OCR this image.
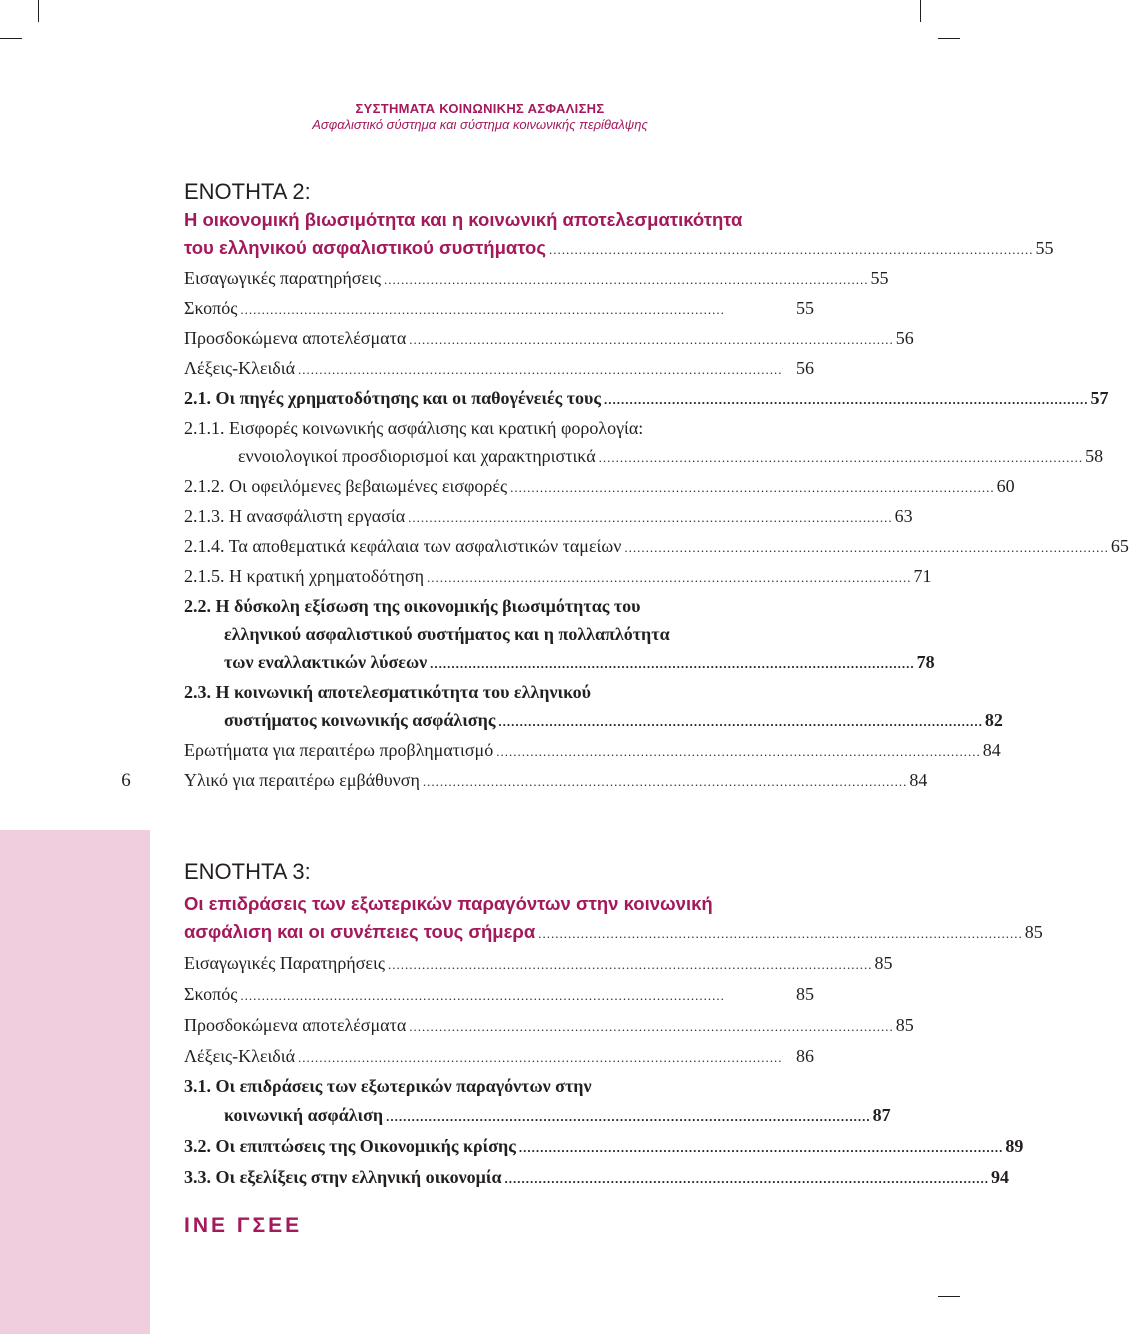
ΣΥΣΤΗΜΑΤΑ ΚΟΙΝΩΝΙΚΗΣ ΑΣΦΑΛΙΣΗΣ
Ασφαλιστικό σύστημα και σύστημα κοινωνικής περίθαλψης
6
ΕΝΟΤΗΤΑ 2:
Η οικονομική βιωσιμότητα και η κοινωνική αποτελεσματικότητα
του ελληνικού ασφαλιστικού συστήματος .................................................................................................................. 55
Εισαγωγικές παρατηρήσεις .................................................................................................................. 55
Σκοπός ..................................................................................................................	55
Προσδοκώμενα αποτελέσματα .................................................................................................................. 56
Λέξεις-Κλειδιά .................................................................................................................. 56
2.1. Οι πηγές χρηματοδότησης και οι παθογένειές τους .................................................................................................................. 57
2.1.1. Εισφορές κοινωνικής ασφάλισης και κρατική φορολογία:
εννοιολογικοί προσδιορισμοί και χαρακτηριστικά .................................................................................................................. 58
2.1.2. Οι οφειλόμενες βεβαιωμένες εισφορές .................................................................................................................. 60
2.1.3. Η ανασφάλιστη εργασία .................................................................................................................. 63
2.1.4. Τα αποθεματικά κεφάλαια των ασφαλιστικών ταμείων .................................................................................................................. 65
2.1.5. Η κρατική χρηματοδότηση .................................................................................................................. 71
2.2. Η δύσκολη εξίσωση της οικονομικής βιωσιμότητας του
ελληνικού ασφαλιστικού συστήματος και η πολλαπλότητα
των εναλλακτικών λύσεων .................................................................................................................. 78
2.3. Η κοινωνική αποτελεσματικότητα του ελληνικού
συστήματος κοινωνικής ασφάλισης .................................................................................................................. 82
Ερωτήματα για περαιτέρω προβληματισμό .................................................................................................................. 84
Υλικό για περαιτέρω εμβάθυνση .................................................................................................................. 84
ΕΝΟΤΗΤΑ 3:
Οι επιδράσεις των εξωτερικών παραγόντων στην κοινωνική
ασφάλιση και οι συνέπειες τους σήμερα .................................................................................................................. 85
Εισαγωγικές Παρατηρήσεις .................................................................................................................. 85
Σκοπός ..................................................................................................................	85
Προσδοκώμενα αποτελέσματα .................................................................................................................. 85
Λέξεις-Κλειδιά .................................................................................................................. 86
3.1. Οι επιδράσεις των εξωτερικών παραγόντων στην
κοινωνική ασφάλιση .................................................................................................................. 87
3.2. Οι επιπτώσεις της Οικονομικής κρίσης .................................................................................................................. 89
3.3. Οι εξελίξεις στην ελληνική οικονομία .................................................................................................................. 94
ΙΝΕ ΓΣΕΕ
